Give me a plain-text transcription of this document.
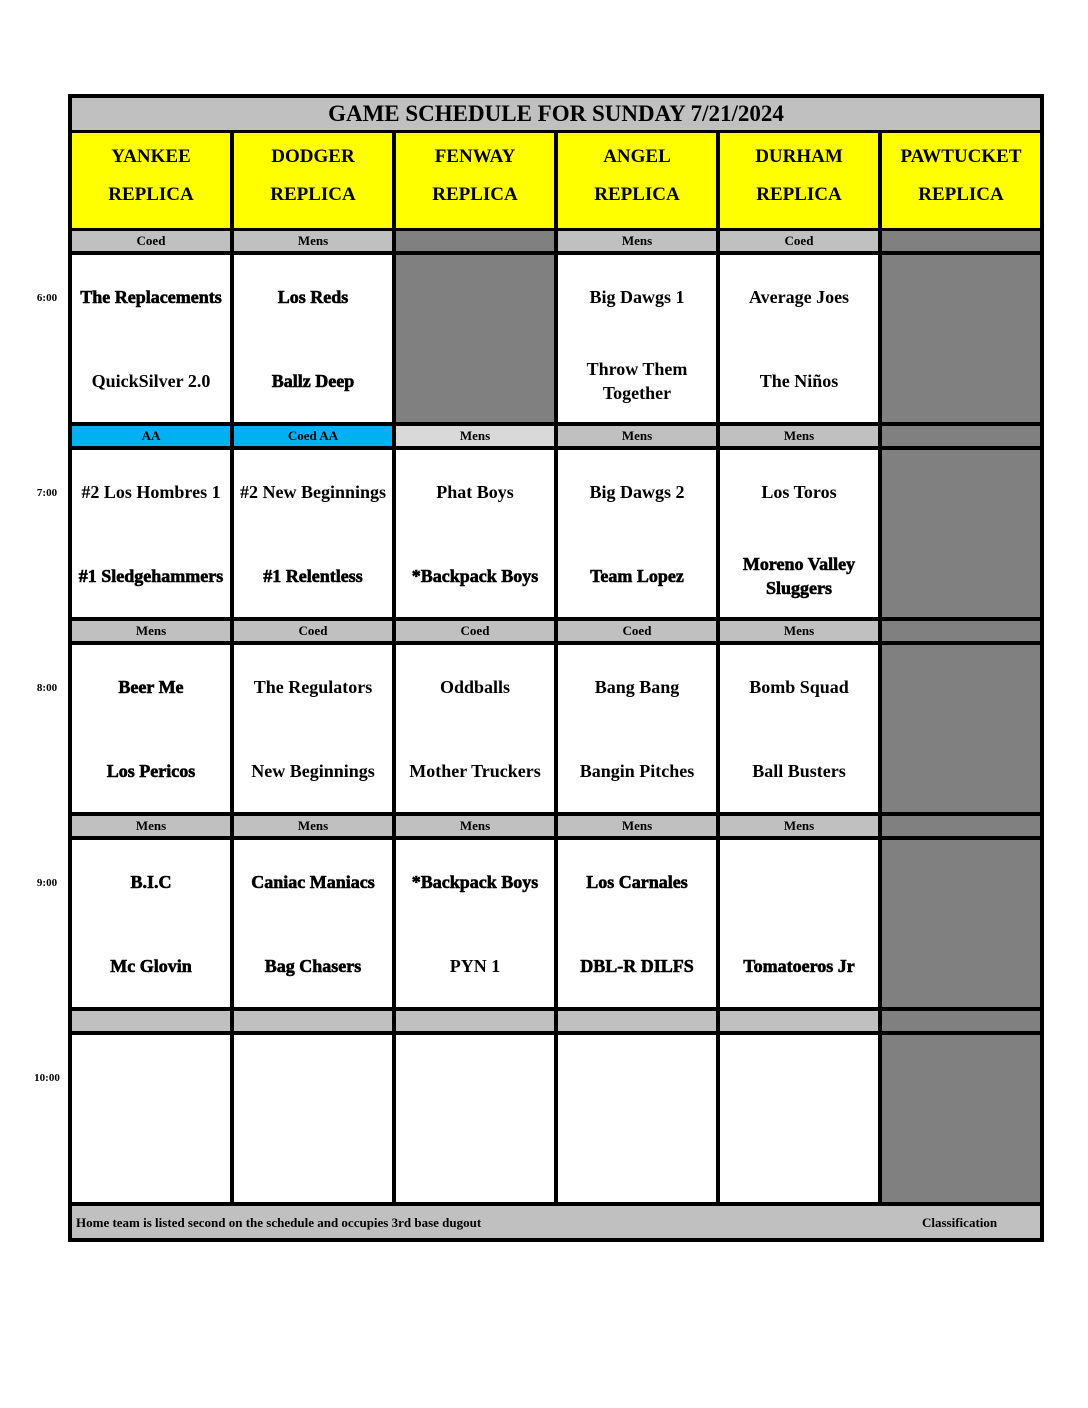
GAME SCHEDULE FOR SUNDAY 7/21/2024
YANKEE
REPLICA
DODGER
REPLICA
FENWAY
REPLICA
ANGEL
REPLICA
DURHAM
REPLICA
PAWTUCKET
REPLICA
Coed
The Replacements
QuickSilver 2.0
Mens
Los Reds
Ballz Deep
Mens
Big Dawgs 1
Throw Them Together
Coed
Average Joes
The Niños
AA
#2 Los Hombres 1
#1 Sledgehammers
Coed AA
#2 New Beginnings
#1 Relentless
Mens
Phat Boys
*Backpack Boys
Mens
Big Dawgs 2
Team Lopez
Mens
Los Toros
Moreno Valley Sluggers
Mens
Beer Me
Los Pericos
Coed
The Regulators
New Beginnings
Coed
Oddballs
Mother Truckers
Coed
Bang Bang
Bangin Pitches
Mens
Bomb Squad
Ball Busters
Mens
B.I.C
Mc Glovin
Mens
Caniac Maniacs
Bag Chasers
Mens
*Backpack Boys
PYN 1
Mens
Los Carnales
DBL-R DILFS
Mens
Tomatoeros Jr
Home team is listed second on the schedule and occupies 3rd base dugout	Classification
6:00
7:00
8:00
9:00
10:00
